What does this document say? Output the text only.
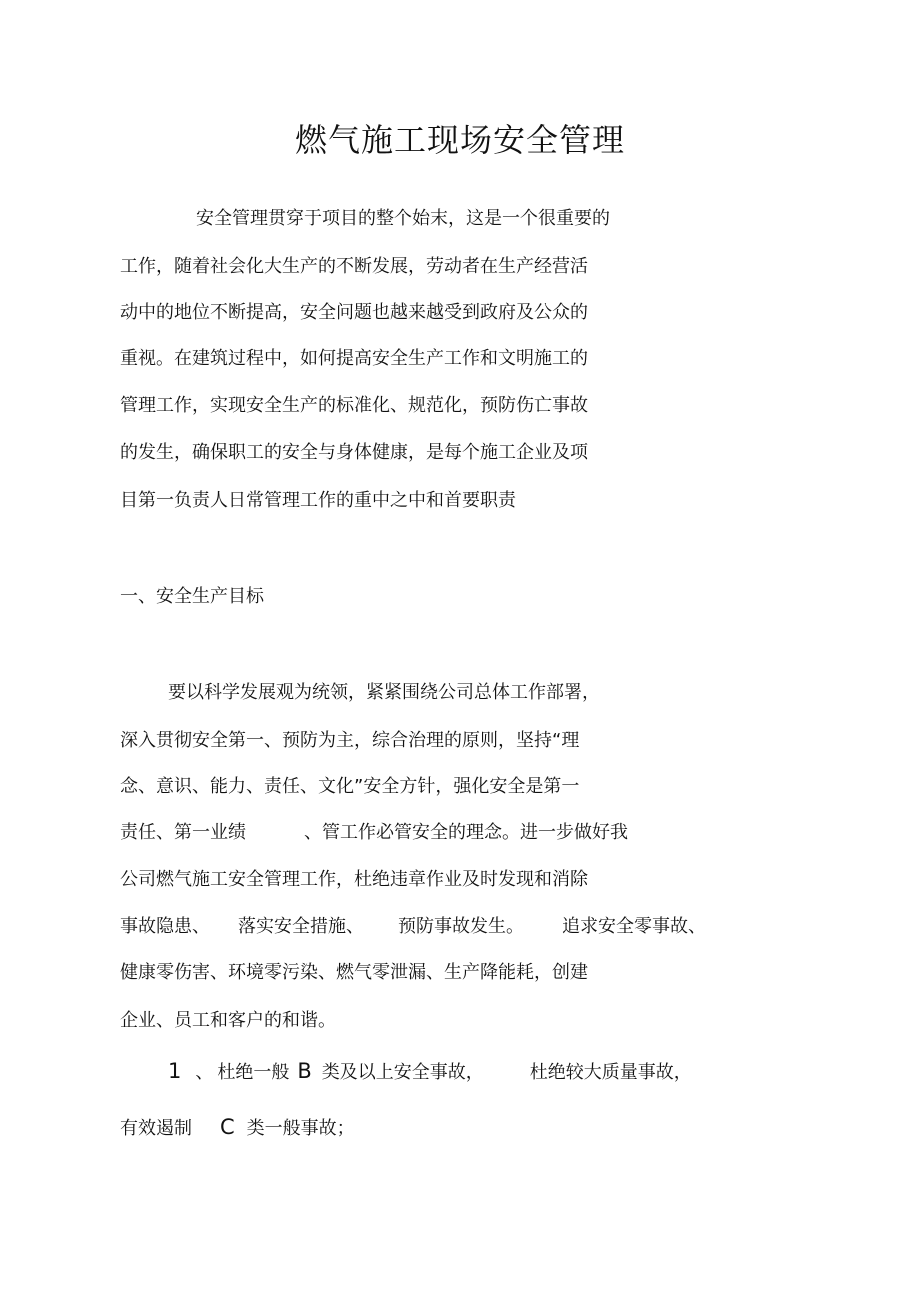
燃气施工现场安全管理
安全管理贯穿于项目的整个始末，这是一个很重要的
工作，随着社会化大生产的不断发展，劳动者在生产经营活
动中的地位不断提高，安全问题也越来越受到政府及公众的
重视。在建筑过程中，如何提高安全生产工作和文明施工的
管理工作，实现安全生产的标准化、规范化，预防伤亡事故
的发生，确保职工的安全与身体健康，是每个施工企业及项
目第一负责人日常管理工作的重中之中和首要职责
一、安全生产目标
要以科学发展观为统领，紧紧围绕公司总体工作部署，
深入贯彻安全第一、预防为主，综合治理的原则，坚持“理
念、意识、能力、责任、文化”安全方针，强化安全是第一
责任、第一业绩	、管工作必管安全的理念。进一步做好我
公司燃气施工安全管理工作，杜绝违章作业及时发现和消除
事故隐患、 落实安全措施、 预防事故发生。 追求安全零事故、
健康零伤害、环境零污染、燃气零泄漏、生产降能耗，创建
企业、员工和客户的和谐。
1 、 杜绝一般 B 类及以上安全事故，	杜绝较大质量事故，
有效遏制 C 类一般事故；
